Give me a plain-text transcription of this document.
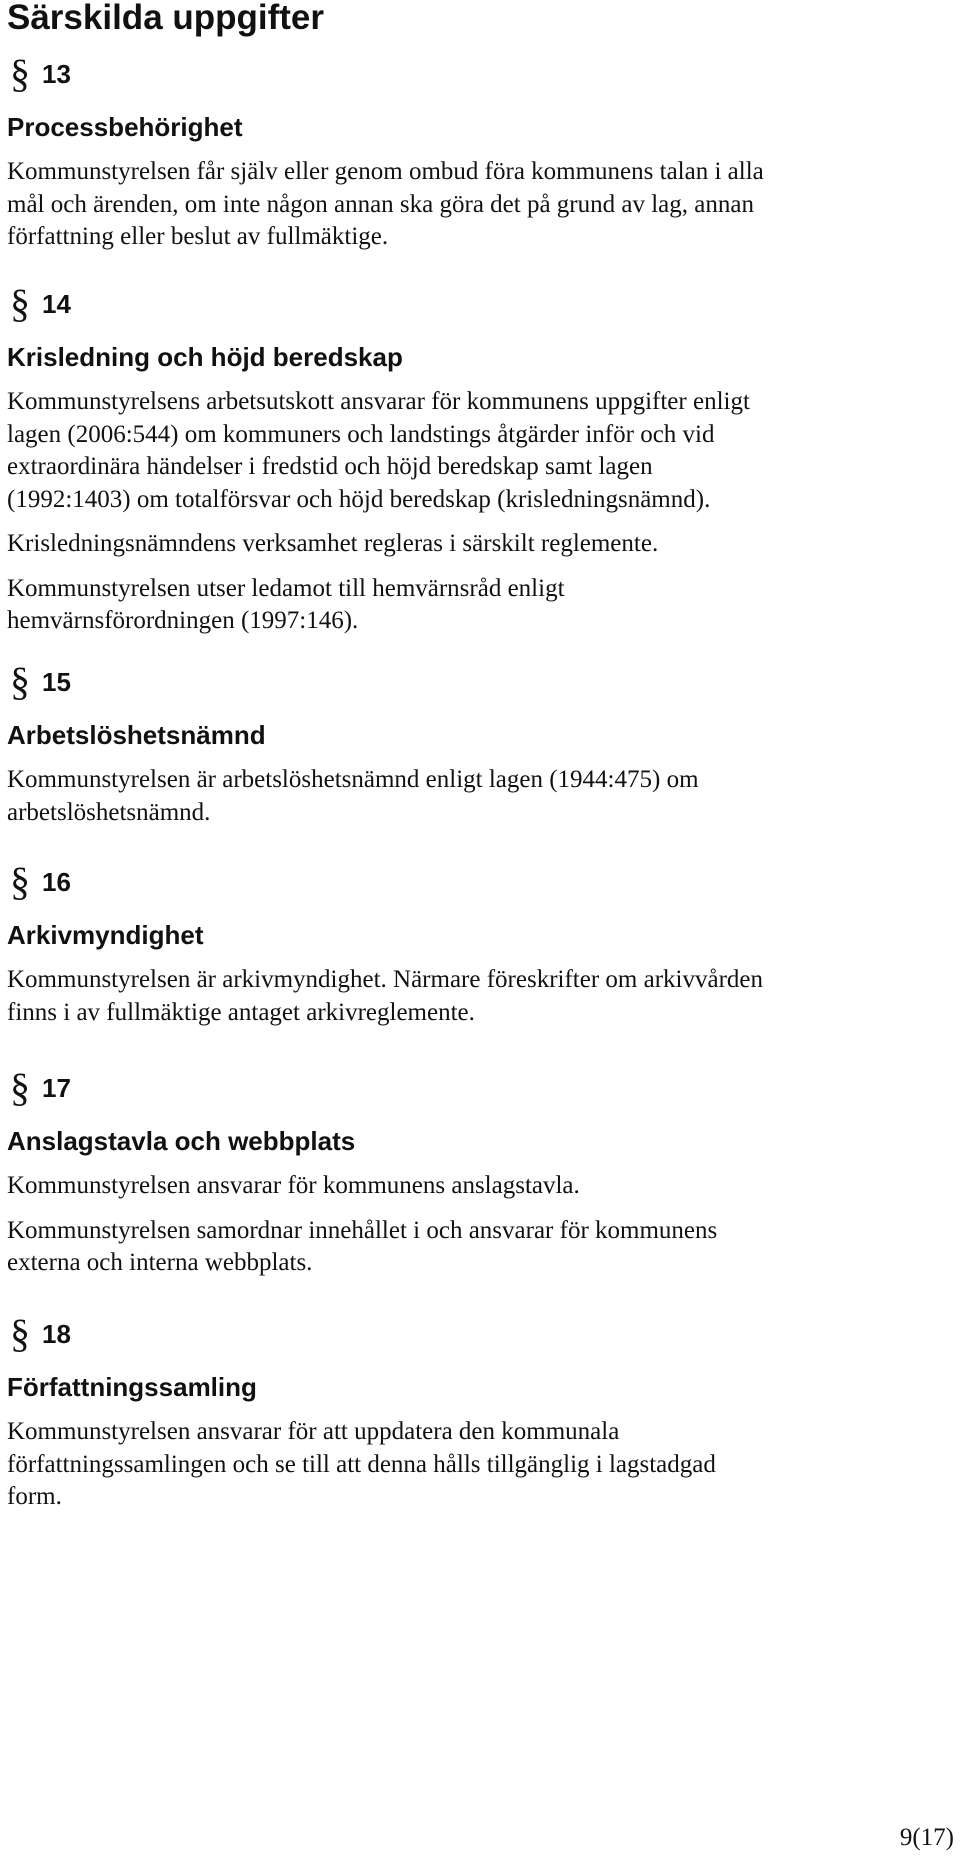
Särskilda uppgifter
§ 13
Processbehörighet

Kommunstyrelsen får själv eller genom ombud föra kommunens talan i alla
mål och ärenden, om inte någon annan ska göra det på grund av lag, annan
författning eller beslut av fullmäktige.

§ 14
Krisledning och höjd beredskap

Kommunstyrelsens arbetsutskott ansvarar för kommunens uppgifter enligt
lagen (2006:544) om kommuners och landstings åtgärder inför och vid
extraordinära händelser i fredstid och höjd beredskap samt lagen
(1992:1403) om totalförsvar och höjd beredskap (krisledningsnämnd).

Krisledningsnämndens verksamhet regleras i särskilt reglemente.

Kommunstyrelsen utser ledamot till hemvärnsråd enligt
hemvärnsförordningen (1997:146).

§ 15
Arbetslöshetsnämnd

Kommunstyrelsen är arbetslöshetsnämnd enligt lagen (1944:475) om
arbetslöshetsnämnd.

§ 16
Arkivmyndighet

Kommunstyrelsen är arkivmyndighet. Närmare föreskrifter om arkivvården
finns i av fullmäktige antaget arkivreglemente.

§ 17
Anslagstavla och webbplats

Kommunstyrelsen ansvarar för kommunens anslagstavla.

Kommunstyrelsen samordnar innehållet i och ansvarar för kommunens
externa och interna webbplats.

§ 18
Författningssamling

Kommunstyrelsen ansvarar för att uppdatera den kommunala
författningssamlingen och se till att denna hålls tillgänglig i lagstadgad
form.

9(17)
